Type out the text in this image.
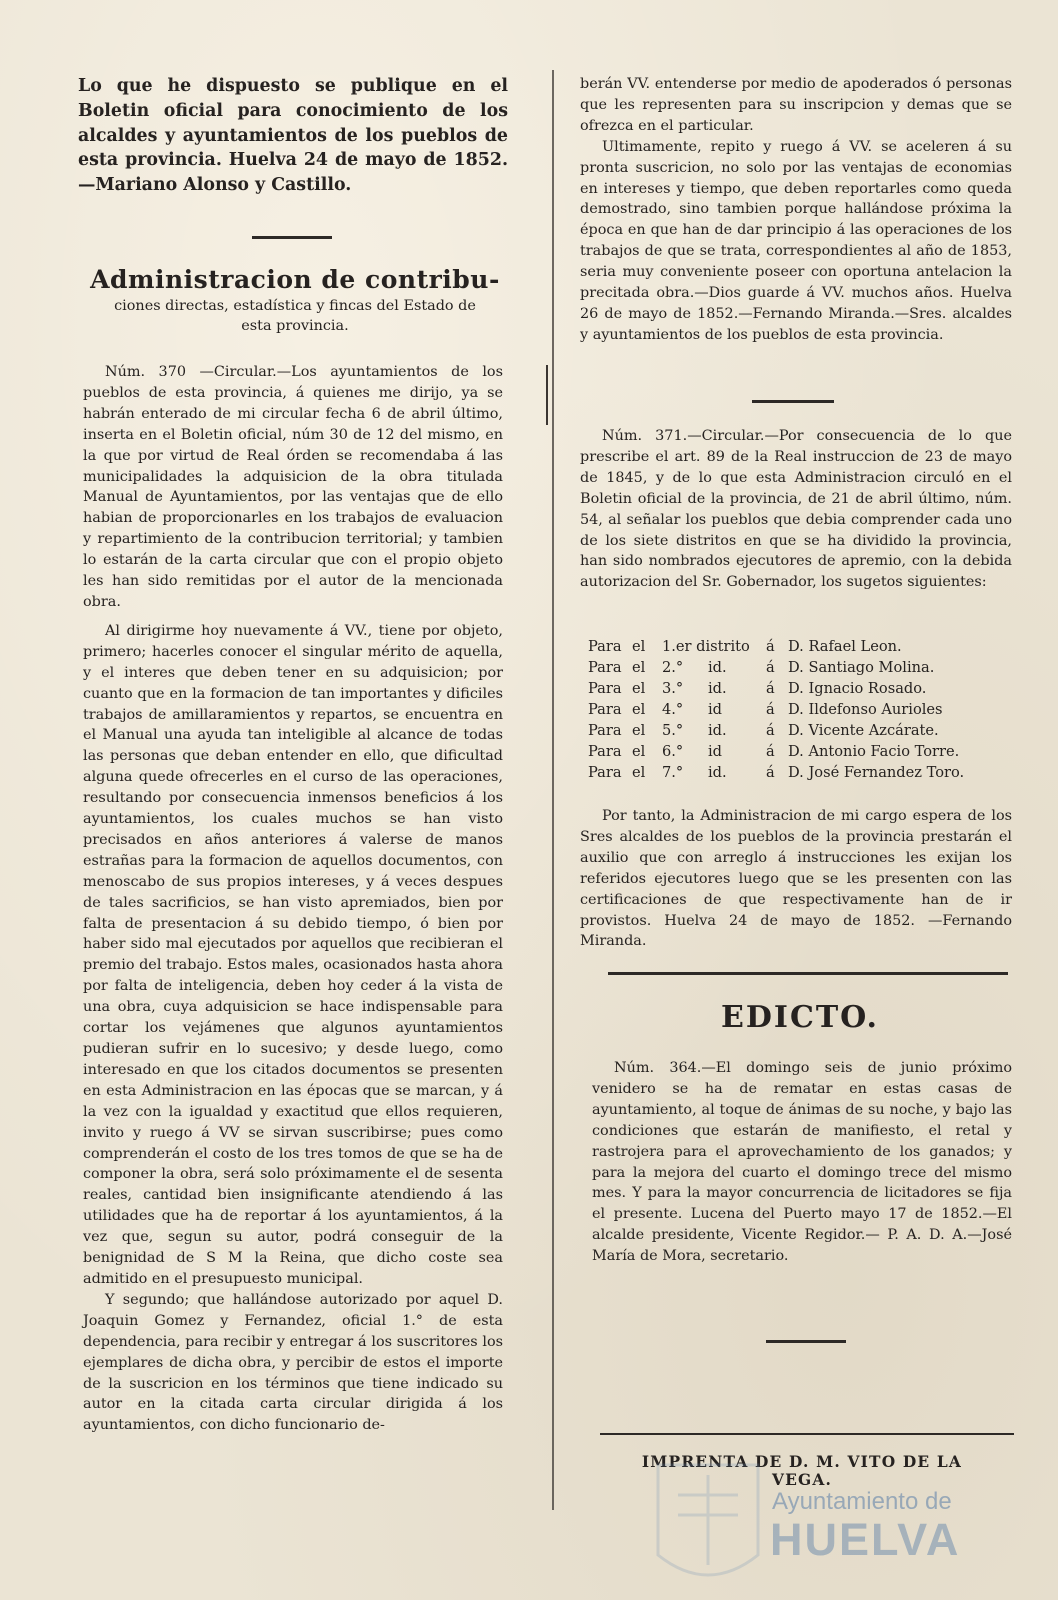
Lo que he dispuesto se publique en el Boletin oficial para conocimiento de los alcaldes y ayuntamientos de los pueblos de esta provincia. Huelva 24 de mayo de 1852.—Mariano Alonso y Castillo.

Administracion de contribu-
ciones directas, estadística y fincas del Estado de esta provincia.

Núm. 370 —Circular.—Los ayuntamientos de los pueblos de esta provincia, á quienes me dirijo, ya se habrán enterado de mi circular fecha 6 de abril último, inserta en el Boletin oficial, núm 30 de 12 del mismo, en la que por virtud de Real órden se recomendaba á las municipalidades la adquisicion de la obra titulada Manual de Ayuntamientos, por las ventajas que de ello habian de proporcionarles en los trabajos de evaluacion y repartimiento de la contribucion territorial; y tambien lo estarán de la carta circular que con el propio objeto les han sido remitidas por el autor de la mencionada obra.

Al dirigirme hoy nuevamente á VV., tiene por objeto, primero; hacerles conocer el singular mérito de aquella, y el interes que deben tener en su adquisicion; por cuanto que en la formacion de tan importantes y dificiles trabajos de amillaramientos y repartos, se encuentra en el Manual una ayuda tan inteligible al alcance de todas las personas que deban entender en ello, que dificultad alguna quede ofrecerles en el curso de las operaciones, resultando por consecuencia inmensos beneficios á los ayuntamientos, los cuales muchos se han visto precisados en años anteriores á valerse de manos estrañas para la formacion de aquellos documentos, con menoscabo de sus propios intereses, y á veces despues de tales sacrificios, se han visto apremiados, bien por falta de presentacion á su debido tiempo, ó bien por haber sido mal ejecutados por aquellos que recibieran el premio del trabajo. Estos males, ocasionados hasta ahora por falta de inteligencia, deben hoy ceder á la vista de una obra, cuya adquisicion se hace indispensable para cortar los vejámenes que algunos ayuntamientos pudieran sufrir en lo sucesivo; y desde luego, como interesado en que los citados documentos se presenten en esta Administracion en las épocas que se marcan, y á la vez con la igualdad y exactitud que ellos requieren, invito y ruego á VV se sirvan suscribirse; pues como comprenderán el costo de los tres tomos de que se ha de componer la obra, será solo próximamente el de sesenta reales, cantidad bien insignificante atendiendo á las utilidades que ha de reportar á los ayuntamientos, á la vez que, segun su autor, podrá conseguir de la benignidad de S M la Reina, que dicho coste sea admitido en el presupuesto municipal.

Y segundo; que hallándose autorizado por aquel D. Joaquin Gomez y Fernandez, oficial 1.° de esta dependencia, para recibir y entregar á los suscritores los ejemplares de dicha obra, y percibir de estos el importe de la suscricion en los términos que tiene indicado su autor en la citada carta circular dirigida á los ayuntamientos, con dicho funcionario de-

berán VV. entenderse por medio de apoderados ó personas que les representen para su inscripcion y demas que se ofrezca en el particular.

Ultimamente, repito y ruego á VV. se aceleren á su pronta suscricion, no solo por las ventajas de economias en intereses y tiempo, que deben reportarles como queda demostrado, sino tambien porque hallándose próxima la época en que han de dar principio á las operaciones de los trabajos de que se trata, correspondientes al año de 1853, seria muy conveniente poseer con oportuna antelacion la precitada obra.—Dios guarde á VV. muchos años. Huelva 26 de mayo de 1852.—Fernando Miranda.—Sres. alcaldes y ayuntamientos de los pueblos de esta provincia.

Núm. 371.—Circular.—Por consecuencia de lo que prescribe el art. 89 de la Real instruccion de 23 de mayo de 1845, y de lo que esta Administracion circuló en el Boletin oficial de la provincia, de 21 de abril último, núm. 54, al señalar los pueblos que debia comprender cada uno de los siete distritos en que se ha dividido la provincia, han sido nombrados ejecutores de apremio, con la debida autorizacion del Sr. Gobernador, los sugetos siguientes:

Para	el	1.er distrito		á	D. Rafael Leon.
Para	el	2.°	id.	á	D. Santiago Molina.
Para	el	3.°	id.	á	D. Ignacio Rosado.
Para	el	4.°	id	á	D. Ildefonso Aurioles
Para	el	5.°	id.	á	D. Vicente Azcárate.
Para	el	6.°	id	á	D. Antonio Facio Torre.
Para	el	7.°	id.	á	D. José Fernandez Toro.

Por tanto, la Administracion de mi cargo espera de los Sres alcaldes de los pueblos de la provincia prestarán el auxilio que con arreglo á instrucciones les exijan los referidos ejecutores luego que se les presenten con las certificaciones de que respectivamente han de ir provistos. Huelva 24 de mayo de 1852. —Fernando Miranda.

EDICTO.

Núm. 364.—El domingo seis de junio próximo venidero se ha de rematar en estas casas de ayuntamiento, al toque de ánimas de su noche, y bajo las condiciones que estarán de manifiesto, el retal y rastrojera para el aprovechamiento de los ganados; y para la mejora del cuarto el domingo trece del mismo mes. Y para la mayor concurrencia de licitadores se fija el presente. Lucena del Puerto mayo 17 de 1852.—El alcalde presidente, Vicente Regidor.— P. A. D. A.—José María de Mora, secretario.

IMPRENTA DE D. M. VITO DE LA VEGA.
Ayuntamiento de
HUELVA
